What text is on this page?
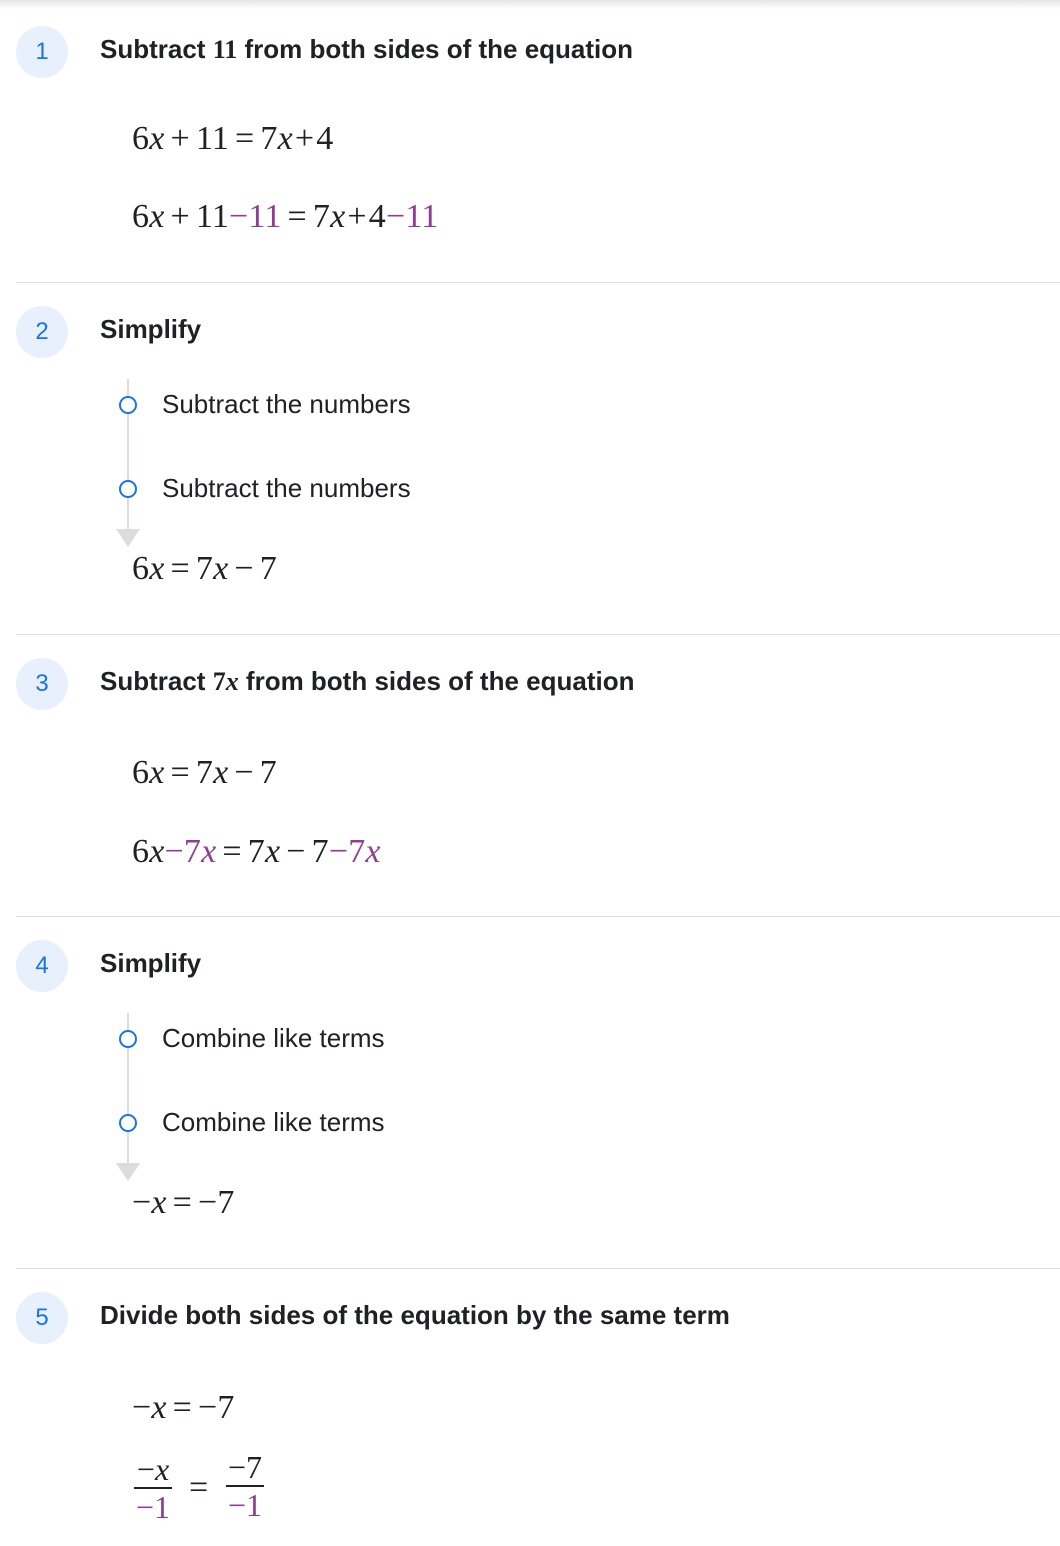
1	Subtract 11 from both sides of the equation
6x + 11 = 7x+4
6x + 11−11 = 7x+4−11
2	Simplify
Subtract the numbers
Subtract the numbers
6x = 7x − 7
3	Subtract 7x from both sides of the equation
6x = 7x − 7
6x−7x = 7x − 7−7x
4	Simplify
Combine like terms
Combine like terms
−x = −7
5	Divide both sides of the equation by the same term
−x = −7
−x
−1
=
−7
−1
